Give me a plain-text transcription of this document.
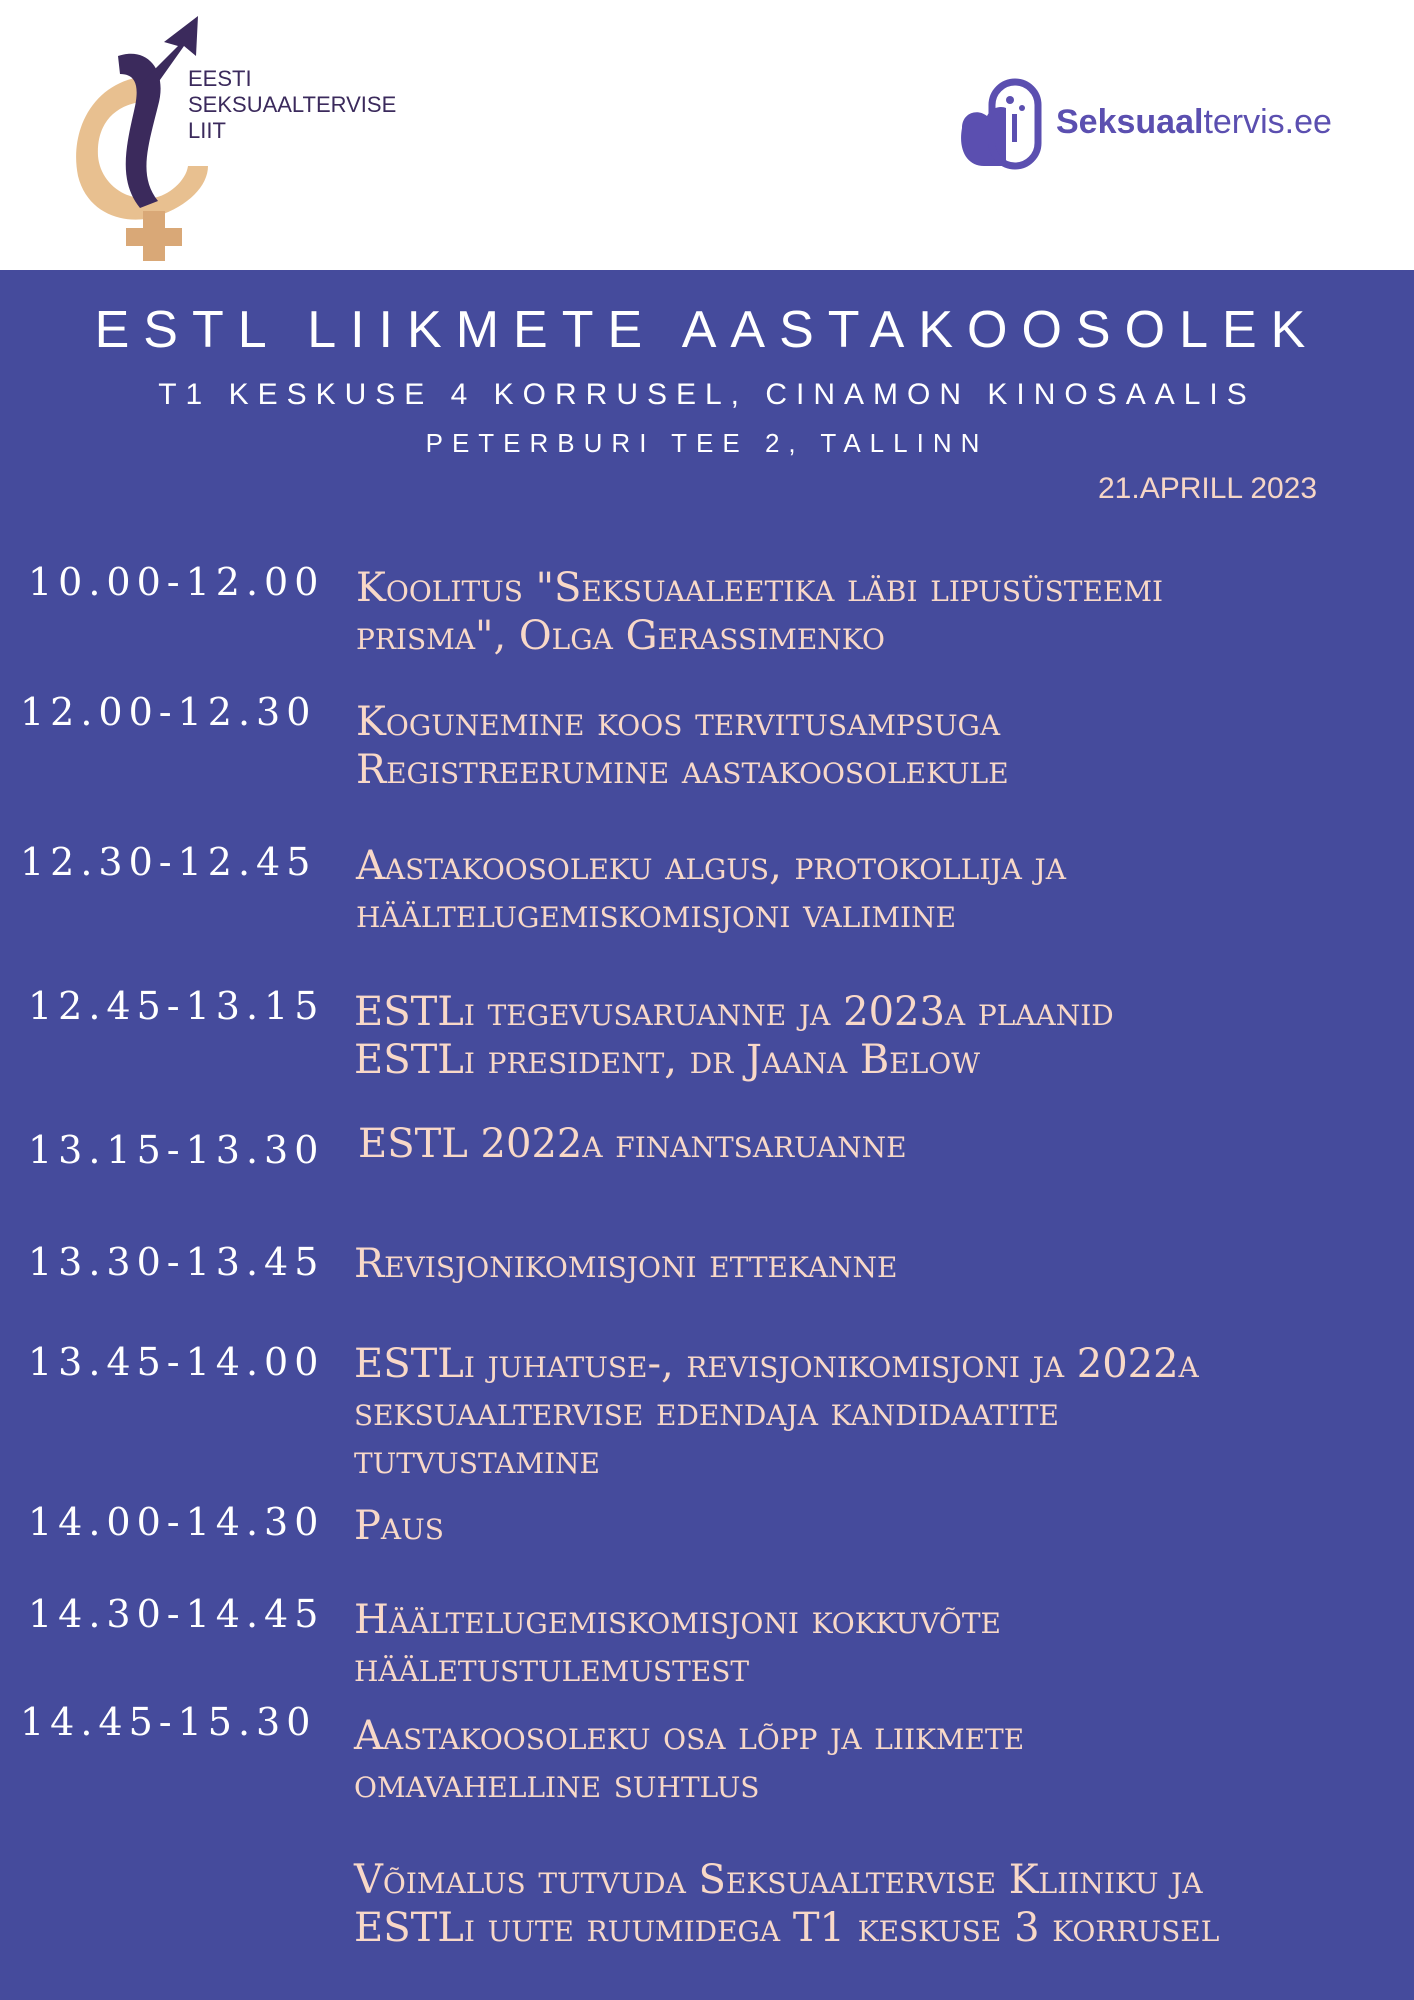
EESTI
SEKSUAALTERVISE
LIIT	Seksuaaltervis.ee
ESTL LIIKMETE AASTAKOOSOLEK
T1 KESKUSE 4 KORRUSEL, CINAMON KINOSAALIS
PETERBURI TEE 2, TALLINN
21.APRILL 2023
10.00-12.00 Koolitus "Seksuaaleetika läbi lipusüsteemi
prisma", Olga Gerassimenko
12.00-12.30 Kogunemine koos tervitusampsuga
Registreerumine aastakoosolekule
12.30-12.45 Aastakoosoleku algus, protokollija ja
häältelugemiskomisjoni valimine
12.45-13.15 ESTLi tegevusaruanne ja 2023a plaanid
ESTLi president, dr Jaana Below
13.15-13.30 ESTL 2022a finantsaruanne
13.30-13.45 Revisjonikomisjoni ettekanne
13.45-14.00 ESTLi juhatuse-, revisjonikomisjoni ja 2022a
seksuaaltervise edendaja kandidaatite
tutvustamine
14.00-14.30 Paus
14.30-14.45 Häältelugemiskomisjoni kokkuvõte
hääletustulemustest
14.45-15.30 Aastakoosoleku osa lõpp ja liikmete
omavahelline suhtlus
Võimalus tutvuda Seksuaaltervise Kliiniku ja
ESTLi uute ruumidega T1 keskuse 3 korrusel
